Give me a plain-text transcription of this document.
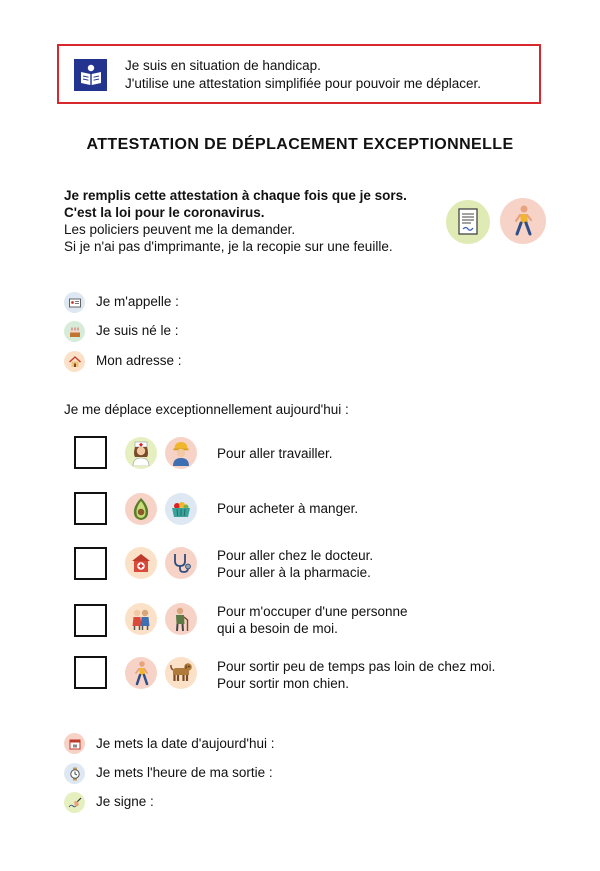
Je suis en situation de handicap.
J'utilise une attestation simplifiée pour pouvoir me déplacer.
ATTESTATION DE DÉPLACEMENT EXCEPTIONNELLE
Je remplis cette attestation à chaque fois que je sors.
C'est la loi pour le coronavirus.
Les policiers peuvent me la demander.
Si je n'ai pas d'imprimante, je la recopie sur une feuille.
Je m'appelle :
Je suis né le :
Mon adresse :
Je me déplace exceptionnellement aujourd'hui :
Pour aller travailler.
Pour acheter à manger.
Pour aller chez le docteur.
Pour aller à la pharmacie.
Pour m'occuper d'une personne
qui a besoin de moi.
Pour sortir peu de temps pas loin de chez moi.
Pour sortir mon chien.
Je mets la date d'aujourd'hui :
Je mets l'heure de ma sortie :
Je signe :
